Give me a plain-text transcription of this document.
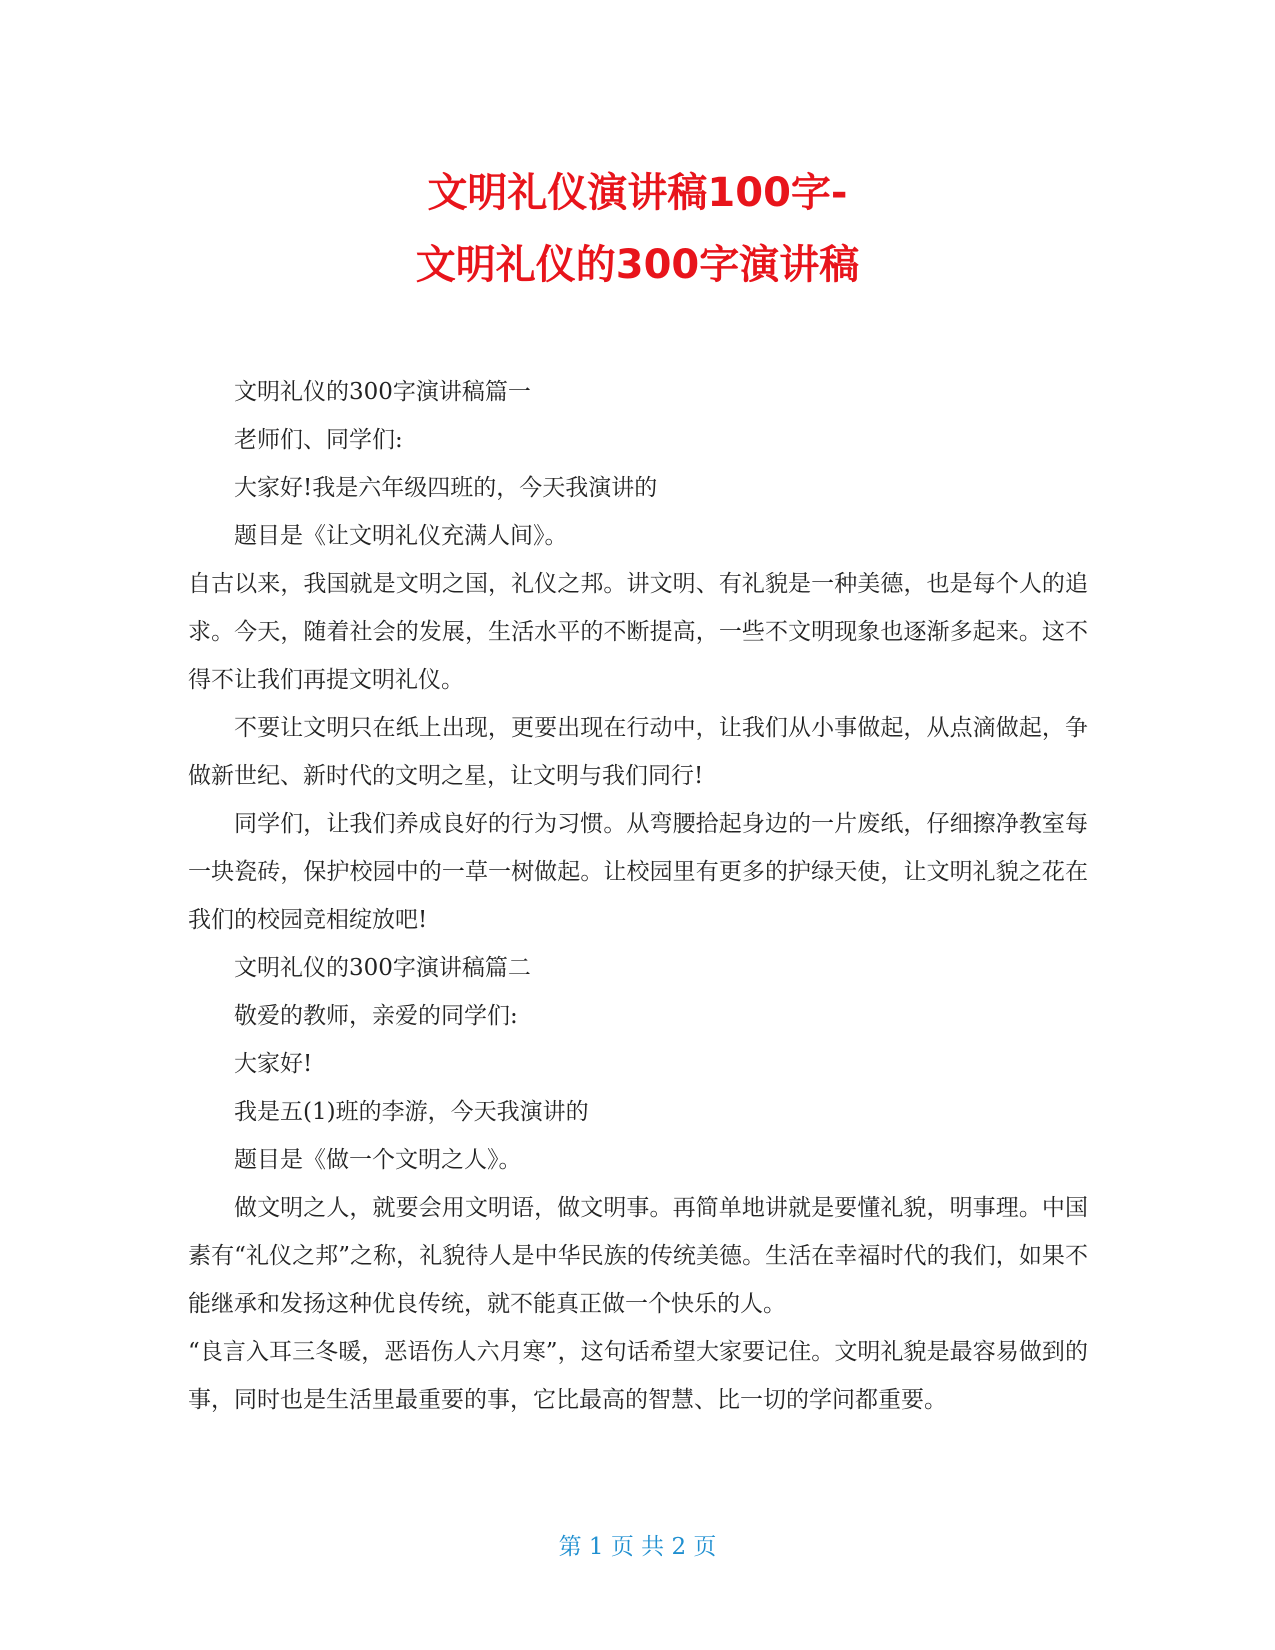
文明礼仪演讲稿100字-
文明礼仪的300字演讲稿

文明礼仪的300字演讲稿篇一

老师们、同学们:

大家好!我是六年级四班的，今天我演讲的

题目是《让文明礼仪充满人间》。

自古以来，我国就是文明之国，礼仪之邦。讲文明、有礼貌是一种美德，也是每个人的追求。今天，随着社会的发展，生活水平的不断提高，一些不文明现象也逐渐多起来。这不得不让我们再提文明礼仪。

不要让文明只在纸上出现，更要出现在行动中，让我们从小事做起，从点滴做起，争做新世纪、新时代的文明之星，让文明与我们同行!

同学们，让我们养成良好的行为习惯。从弯腰拾起身边的一片废纸，仔细擦净教室每一块瓷砖，保护校园中的一草一树做起。让校园里有更多的护绿天使，让文明礼貌之花在我们的校园竞相绽放吧!

文明礼仪的300字演讲稿篇二

敬爱的教师，亲爱的同学们:

大家好!

我是五(1)班的李游，今天我演讲的

题目是《做一个文明之人》。

做文明之人，就要会用文明语，做文明事。再简单地讲就是要懂礼貌，明事理。中国素有“礼仪之邦”之称，礼貌待人是中华民族的传统美德。生活在幸福时代的我们，如果不能继承和发扬这种优良传统，就不能真正做一个快乐的人。

“良言入耳三冬暖，恶语伤人六月寒”，这句话希望大家要记住。文明礼貌是最容易做到的事，同时也是生活里最重要的事，它比最高的智慧、比一切的学问都重要。

第 1 页 共 2 页
